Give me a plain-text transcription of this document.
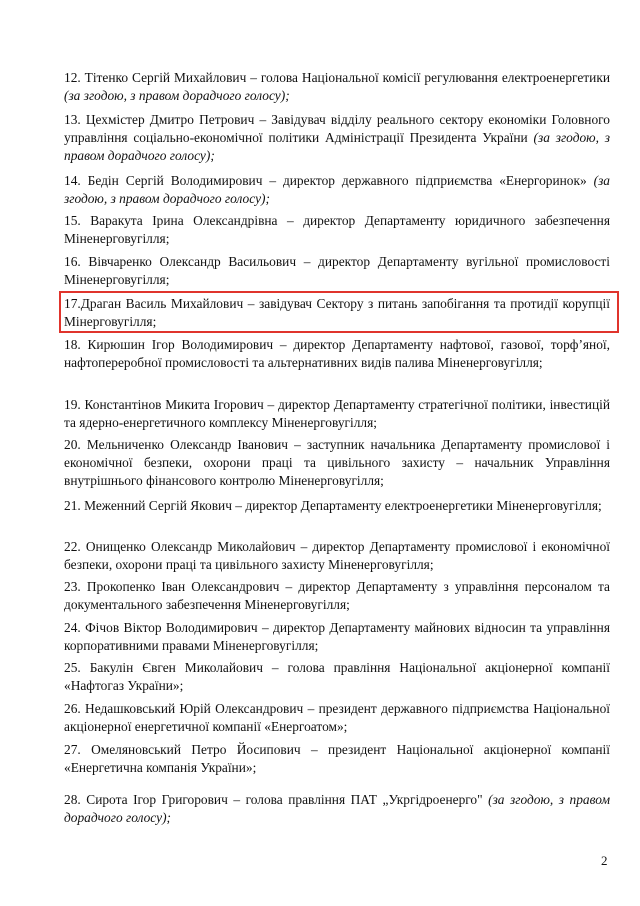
12. Тітенко Сергій Михайлович – голова Національної комісії регулювання електроенергетики (за згодою, з правом дорадчого голосу);
13. Цехмістер Дмитро Петрович – Завідувач відділу реального сектору економіки Головного управління соціально-економічної політики Адміністрації Президента України (за згодою, з правом дорадчого голосу);
14. Бедін Сергій Володимирович – директор державного підприємства «Енергоринок» (за згодою, з правом дорадчого голосу);
15. Варакута Ірина Олександрівна – директор Департаменту юридичного забезпечення Міненерговугілля;
16. Вівчаренко Олександр Васильович – директор Департаменту вугільної промисловості Міненерговугілля;
17.Драган Василь Михайлович – завідувач Сектору з питань запобігання та протидії корупції Мінерговугілля;
18. Кирюшин Ігор Володимирович – директор Департаменту нафтової, газової, торф’яної, нафтопереробної промисловості та альтернативних видів палива Міненерговугілля;
19. Константінов Микита Ігорович – директор Департаменту стратегічної політики, інвестицій та ядерно-енергетичного комплексу Міненерговугілля;
20. Мельниченко Олександр Іванович – заступник начальника Департаменту промислової і економічної безпеки, охорони праці та цивільного захисту – начальник Управління внутрішнього фінансового контролю Міненерговугілля;
21. Меженний Сергій Якович – директор Департаменту електроенергетики Міненерговугілля;
22. Онищенко Олександр Миколайович – директор Департаменту промислової і економічної безпеки, охорони праці та цивільного захисту Міненерговугілля;
23. Прокопенко Іван Олександрович – директор Департаменту з управління персоналом та документального забезпечення Міненерговугілля;
24. Фічов Віктор Володимирович – директор Департаменту майнових відносин та управління корпоративними правами Міненерговугілля;
25. Бакулін Євген Миколайович – голова правління Національної акціонерної компанії «Нафтогаз України»;
26. Недашковський Юрій Олександрович – президент державного підприємства Національної акціонерної енергетичної компанії «Енергоатом»;
27. Омеляновський Петро Йосипович – президент Національної акціонерної компанії «Енергетична компанія України»;
28. Сирота Ігор Григорович – голова правління ПАТ „Укргідроенерго" (за згодою, з правом дорадчого голосу);
2
